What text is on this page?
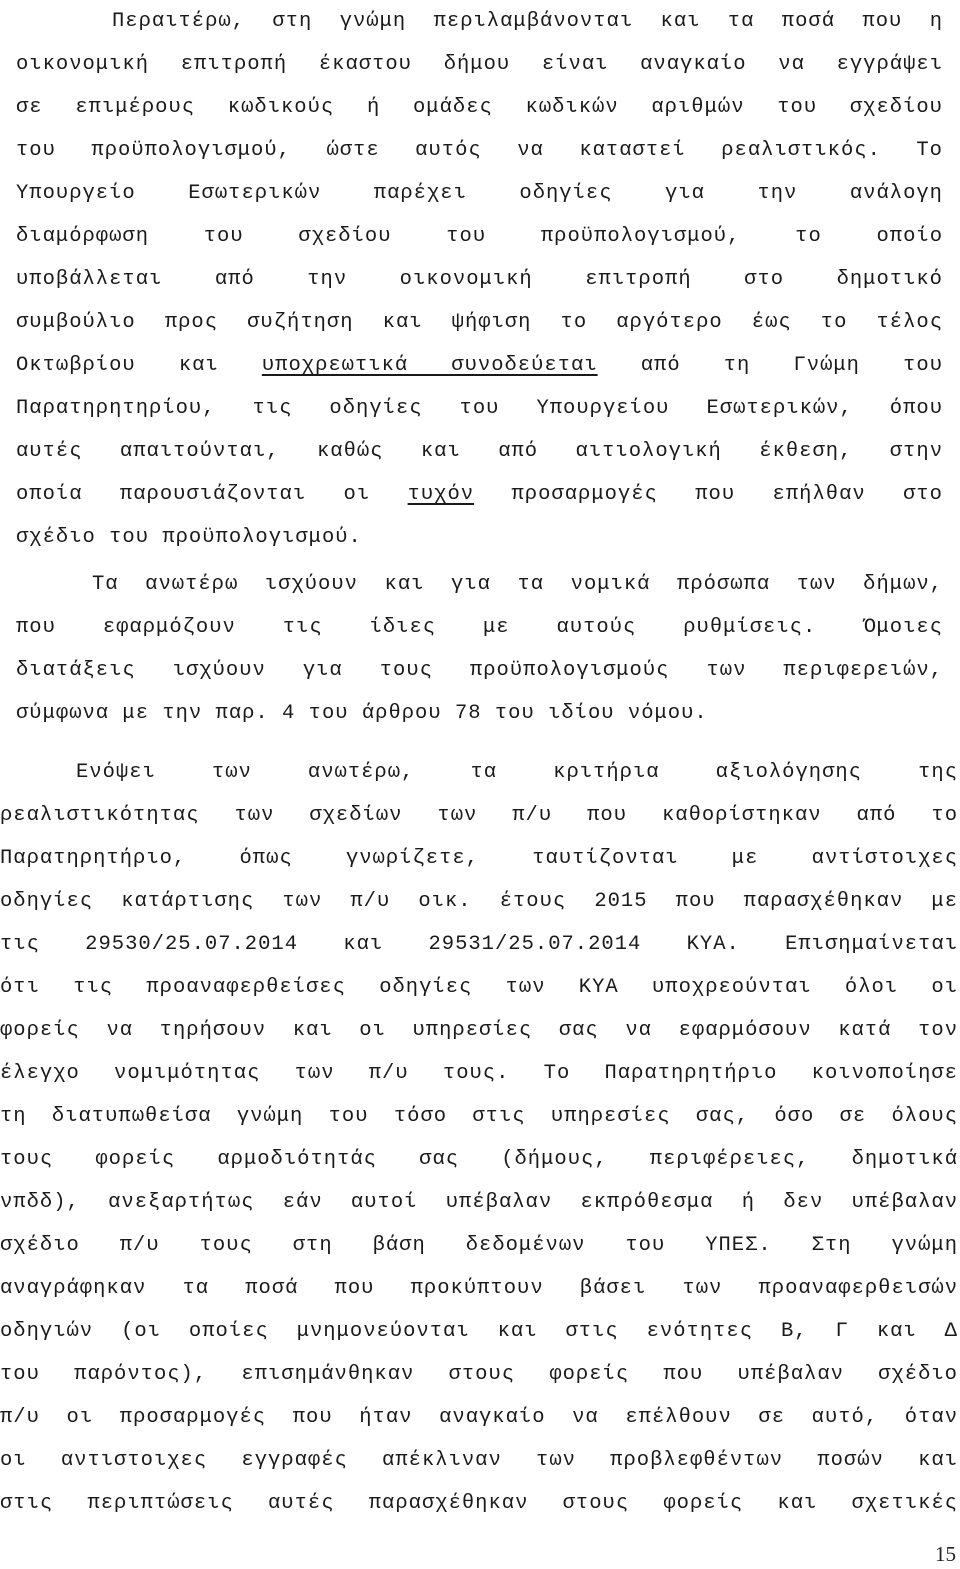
Περαιτέρω, στη γνώμη περιλαμβάνονται και τα ποσά που η
οικονομική επιτροπή έκαστου δήμου είναι αναγκαίο να εγγράψει
σε επιμέρους κωδικούς ή ομάδες κωδικών αριθμών του σχεδίου
του προϋπολογισμού, ώστε αυτός να καταστεί ρεαλιστικός. Το
Υπουργείο Εσωτερικών παρέχει οδηγίες για την ανάλογη
διαμόρφωση του σχεδίου του προϋπολογισμού, το οποίο
υποβάλλεται από την οικονομική επιτροπή στο δημοτικό
συμβούλιο προς συζήτηση και ψήφιση το αργότερο έως το τέλος
Οκτωβρίου και υποχρεωτικά συνοδεύεται από τη Γνώμη του
Παρατηρητηρίου, τις οδηγίες του Υπουργείου Εσωτερικών, όπου
αυτές απαιτούνται, καθώς και από αιτιολογική έκθεση, στην
οποία παρουσιάζονται οι τυχόν προσαρμογές που επήλθαν στο
σχέδιο του προϋπολογισμού.
Τα ανωτέρω ισχύουν και για τα νομικά πρόσωπα των δήμων,
που εφαρμόζουν τις ίδιες με αυτούς ρυθμίσεις. Όμοιες
διατάξεις ισχύουν για τους προϋπολογισμούς των περιφερειών,
σύμφωνα με την παρ. 4 του άρθρου 78 του ιδίου νόμου.
Ενόψει των ανωτέρω, τα κριτήρια αξιολόγησης της
ρεαλιστικότητας των σχεδίων των π/υ που καθορίστηκαν από το
Παρατηρητήριο, όπως γνωρίζετε, ταυτίζονται με αντίστοιχες
οδηγίες κατάρτισης των π/υ οικ. έτους 2015 που παρασχέθηκαν με
τις 29530/25.07.2014 και 29531/25.07.2014 ΚΥΑ. Επισημαίνεται
ότι τις προαναφερθείσες οδηγίες των ΚΥΑ υποχρεούνται όλοι οι
φορείς να τηρήσουν και οι υπηρεσίες σας να εφαρμόσουν κατά τον
έλεγχο νομιμότητας των π/υ τους. Το Παρατηρητήριο κοινοποίησε
τη διατυπωθείσα γνώμη του τόσο στις υπηρεσίες σας, όσο σε όλους
τους φορείς αρμοδιότητάς σας (δήμους, περιφέρειες, δημοτικά
νπδδ), ανεξαρτήτως εάν αυτοί υπέβαλαν εκπρόθεσμα ή δεν υπέβαλαν
σχέδιο π/υ τους στη βάση δεδομένων του ΥΠΕΣ. Στη γνώμη
αναγράφηκαν τα ποσά που προκύπτουν βάσει των προαναφερθεισών
οδηγιών (οι οποίες μνημονεύονται και στις ενότητες Β, Γ και Δ
του παρόντος), επισημάνθηκαν στους φορείς που υπέβαλαν σχέδιο
π/υ οι προσαρμογές που ήταν αναγκαίο να επέλθουν σε αυτό, όταν
οι αντιστοιχες εγγραφές απέκλιναν των προβλεφθέντων ποσών και
στις περιπτώσεις αυτές παρασχέθηκαν στους φορείς και σχετικές
15
